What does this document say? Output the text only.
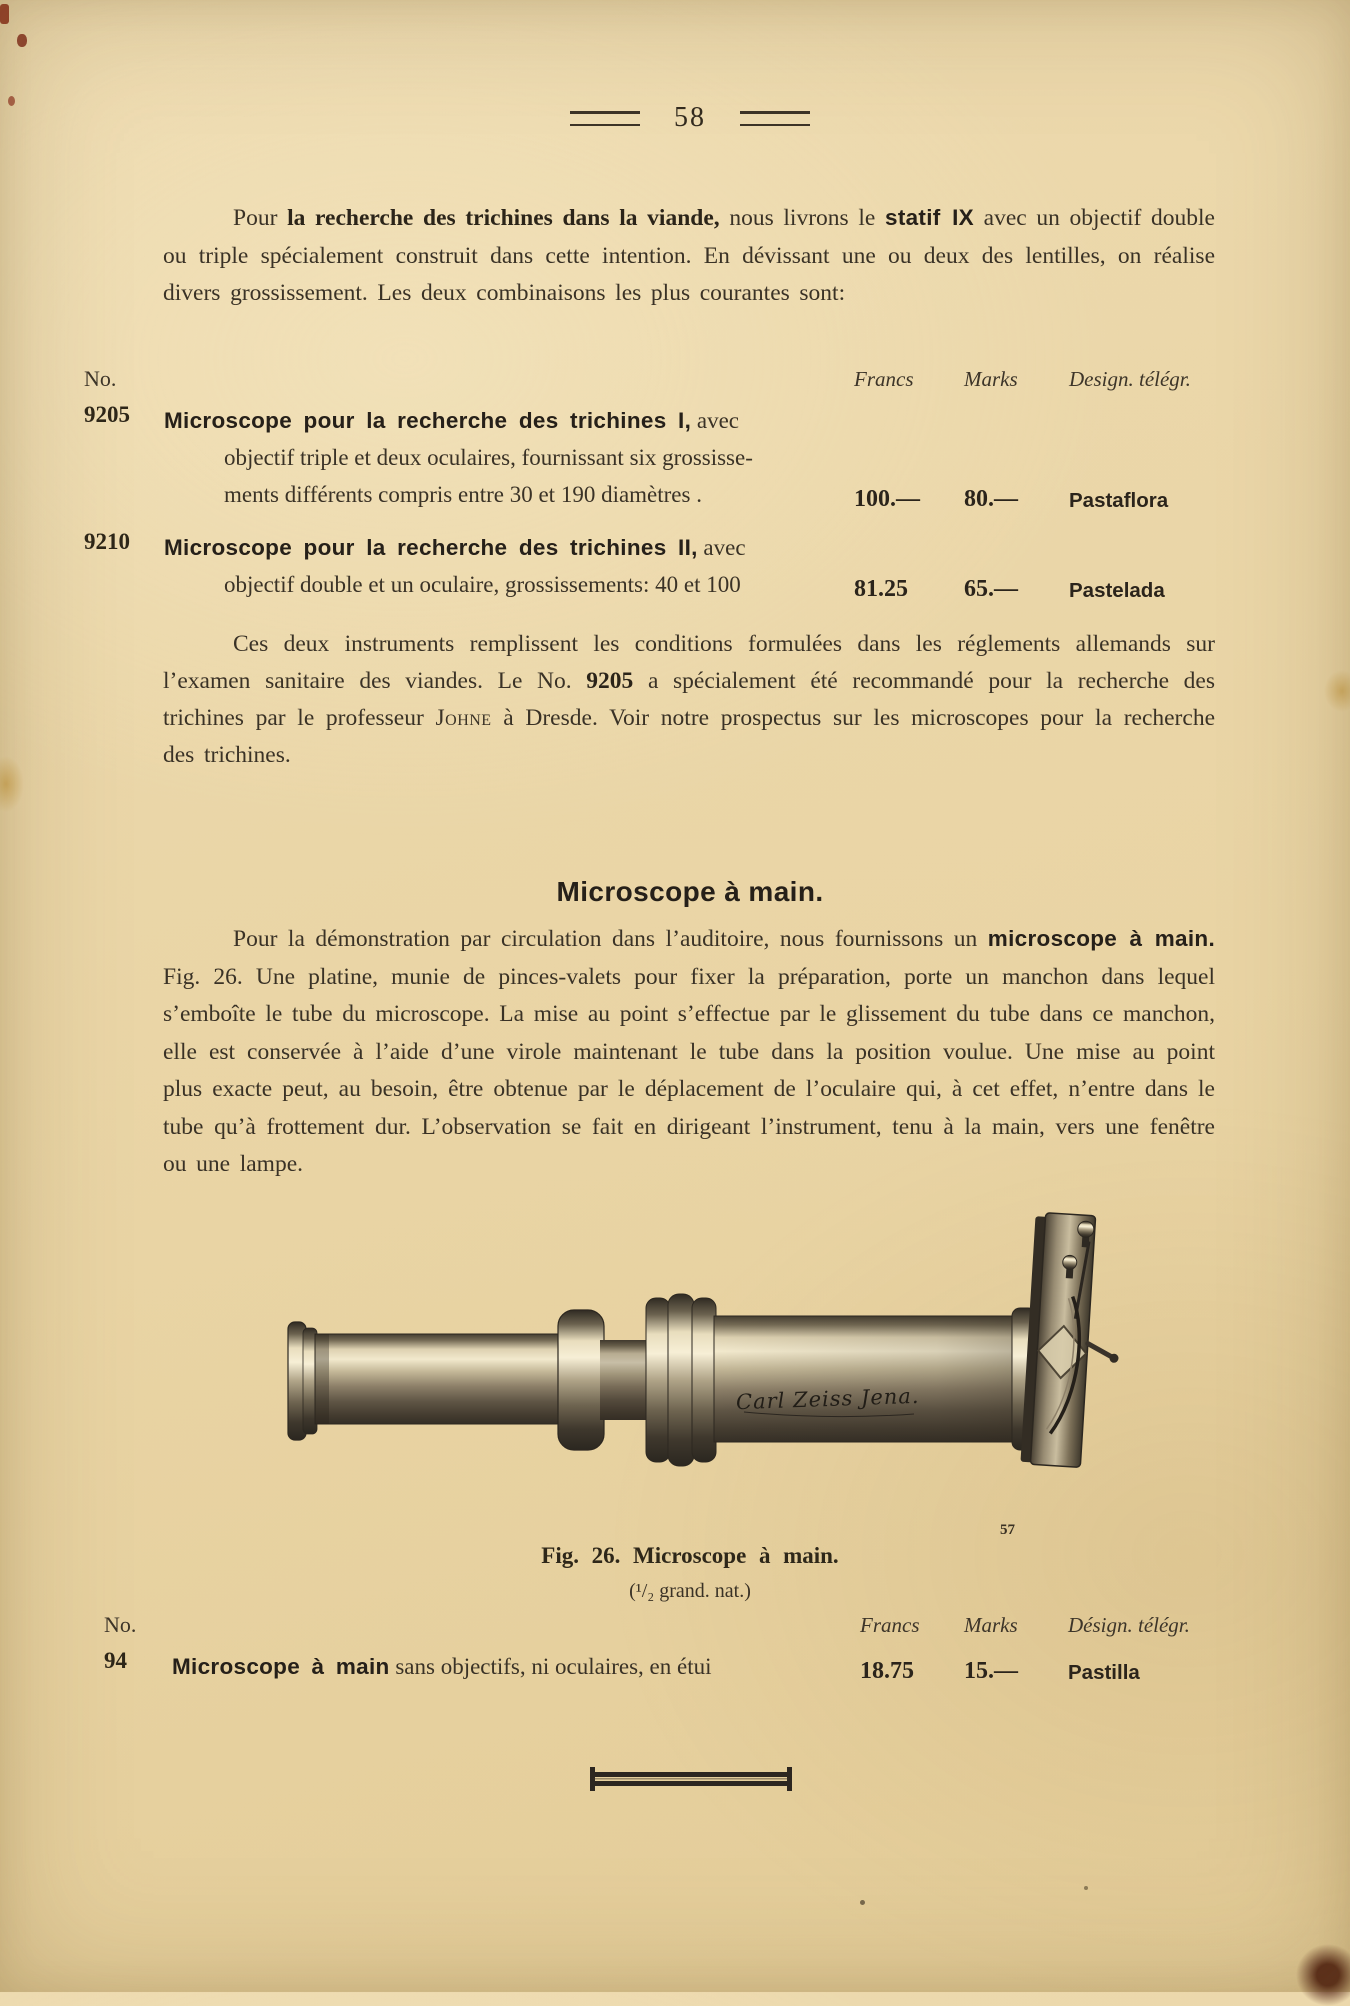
58

Pour la recherche des trichines dans la viande, nous livrons le statif IX avec un objectif double ou triple spécialement construit dans cette intention. En dévissant une ou deux des lentilles, on réalise divers grossissement. Les deux combinaisons les plus courantes sont:

No.	Francs	Marks	Design. télégr.
9205	Microscope pour la recherche des trichines I, avec
objectif triple et deux oculaires, fournissant six grossisse-
ments différents compris entre 30 et 190 diamètres .	100.—	80.—	Pastaflora
9210	Microscope pour la recherche des trichines II, avec
objectif double et un oculaire, grossissements: 40 et 100	81.25	65.—	Pastelada

Ces deux instruments remplissent les conditions formulées dans les réglements allemands sur l’examen sanitaire des viandes. Le No. 9205 a spécialement été recommandé pour la recherche des trichines par le professeur Johne à Dresde. Voir notre prospectus sur les microscopes pour la recherche des trichines.

Microscope à main.

Pour la démonstration par circulation dans l’auditoire, nous fournissons un microscope à main. Fig. 26. Une platine, munie de pinces-valets pour fixer la préparation, porte un manchon dans lequel s’emboîte le tube du microscope. La mise au point s’effectue par le glissement du tube dans ce manchon, elle est conservée à l’aide d’une virole maintenant le tube dans la position voulue. Une mise au point plus exacte peut, au besoin, être obtenue par le déplacement de l’oculaire qui, à cet effet, n’entre dans le tube qu’à frottement dur. L’observation se fait en dirigeant l’instrument, tenu à la main, vers une fenêtre ou une lampe.

Carl Zeiss Jena.
57
Fig. 26. Microscope à main.
(¹/₂ grand. nat.)
No.	Francs	Marks	Désign. télégr.
94	Microscope à main sans objectifs, ni oculaires, en étui	18.75	15.—	Pastilla
